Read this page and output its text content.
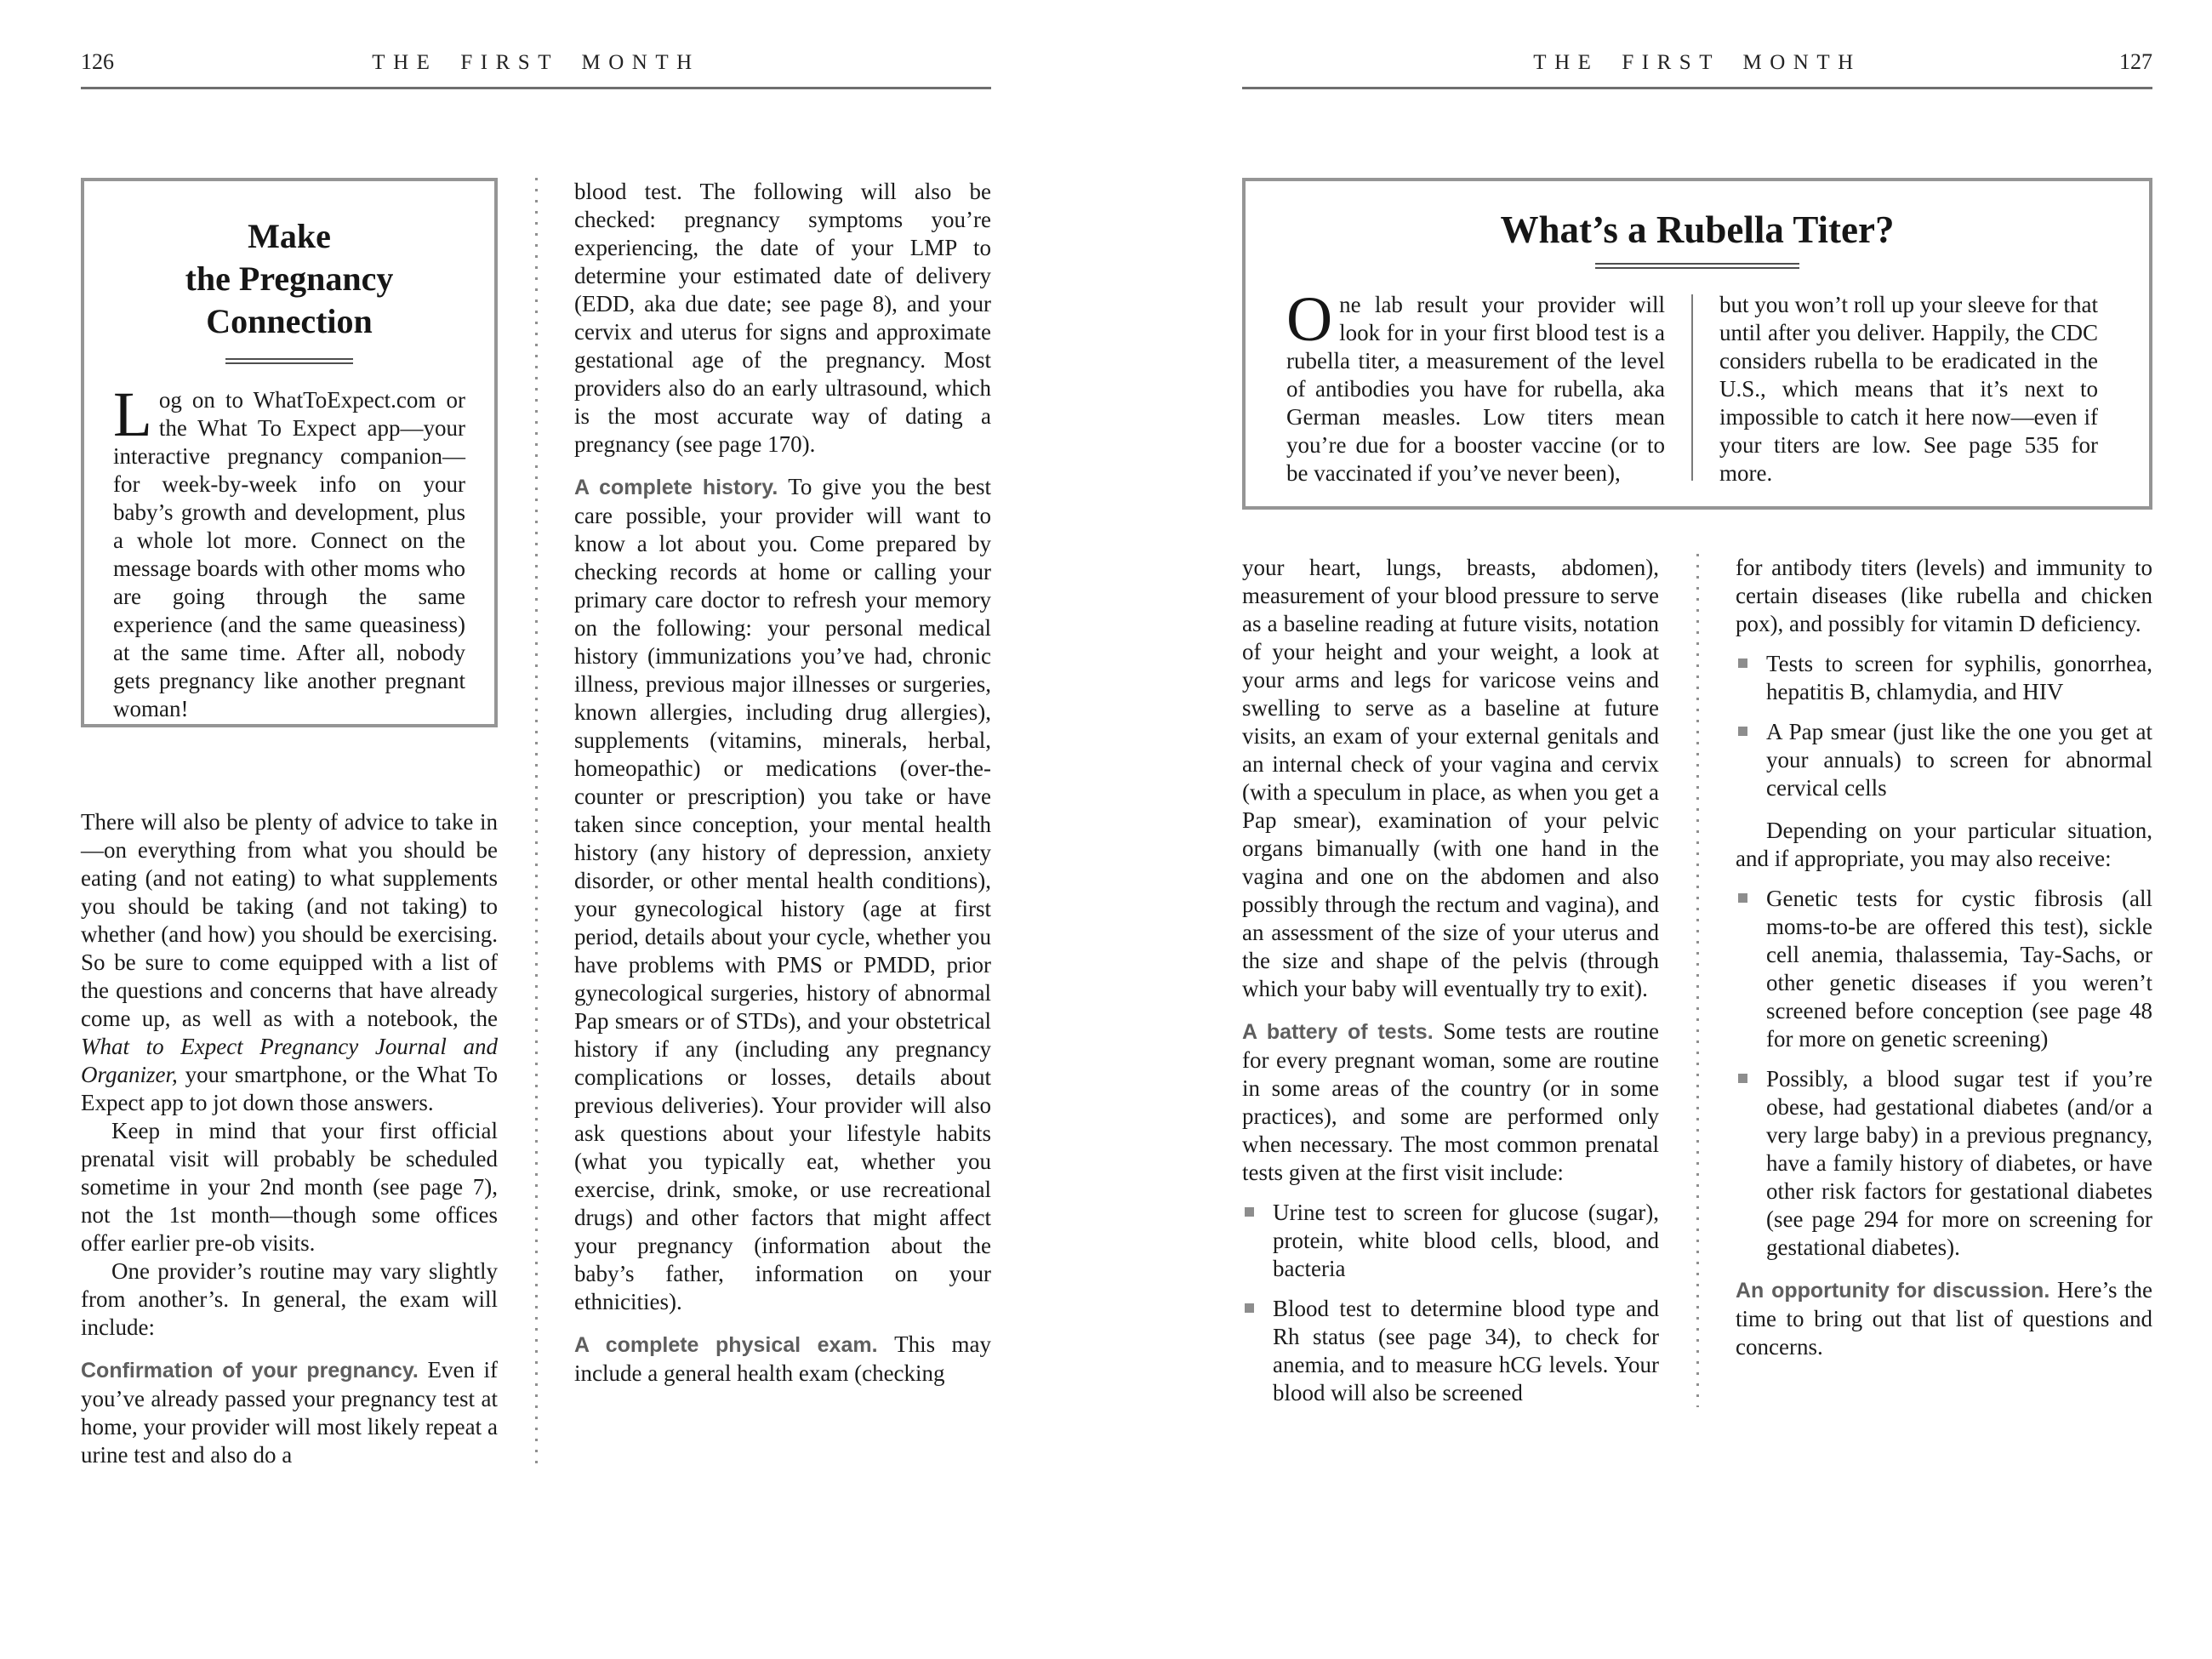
126	THE FIRST MONTH
Make
the Pregnancy
Connection

Log on to WhatToExpect.com or the What To Expect app—your interactive pregnancy companion—for week-by-week info on your baby’s growth and development, plus a whole lot more. Connect on the message boards with other moms who are going through the same experience (and the same queasiness) at the same time. After all, nobody gets pregnancy like another pregnant woman!

There will also be plenty of advice to take in—on everything from what you should be eating (and not eating) to what supplements you should be taking (and not taking) to whether (and how) you should be exercising. So be sure to come equipped with a list of the questions and concerns that have already come up, as well as with a notebook, the What to Expect Pregnancy Journal and Organizer, your smartphone, or the What To Expect app to jot down those answers.

Keep in mind that your first official prenatal visit will probably be scheduled sometime in your 2nd month (see page 7), not the 1st month—though some offices offer earlier pre-ob visits.

One provider’s routine may vary slightly from another’s. In general, the exam will include:

Confirmation of your pregnancy. Even if you’ve already passed your pregnancy test at home, your provider will most likely repeat a urine test and also do a

blood test. The following will also be checked: pregnancy symptoms you’re experiencing, the date of your LMP to determine your estimated date of delivery (EDD, aka due date; see page 8), and your cervix and uterus for signs and approximate gestational age of the pregnancy. Most providers also do an early ultrasound, which is the most accurate way of dating a pregnancy (see page 170).

A complete history. To give you the best care possible, your provider will want to know a lot about you. Come prepared by checking records at home or calling your primary care doctor to refresh your memory on the following: your personal medical history (immunizations you’ve had, chronic illness, previous major illnesses or surgeries, known allergies, including drug allergies), supplements (vitamins, minerals, herbal, homeopathic) or medications (over-the-counter or prescription) you take or have taken since conception, your mental health history (any history of depression, anxiety disorder, or other mental health conditions), your gynecological history (age at first period, details about your cycle, whether you have problems with PMS or PMDD, prior gynecological surgeries, history of abnormal Pap smears or of STDs), and your obstetrical history if any (including any pregnancy complications or losses, details about previous deliveries). Your provider will also ask questions about your lifestyle habits (what you typically eat, whether you exercise, drink, smoke, or use recreational drugs) and other factors that might affect your pregnancy (information about the baby’s father, information on your ethnicities).

A complete physical exam. This may include a general health exam (checking

THE FIRST MONTH	127
What’s a Rubella Titer?

One lab result your provider will look for in your first blood test is a rubella titer, a measurement of the level of antibodies you have for rubella, aka German measles. Low titers mean you’re due for a booster vaccine (or to be vaccinated if you’ve never been),

but you won’t roll up your sleeve for that until after you deliver. Happily, the CDC considers rubella to be eradicated in the U.S., which means that it’s next to impossible to catch it here now—even if your titers are low. See page 535 for more.

your heart, lungs, breasts, abdomen), measurement of your blood pressure to serve as a baseline reading at future visits, notation of your height and your weight, a look at your arms and legs for varicose veins and swelling to serve as a baseline at future visits, an exam of your external genitals and an internal check of your vagina and cervix (with a speculum in place, as when you get a Pap smear), examination of your pelvic organs bimanually (with one hand in the vagina and one on the abdomen and also possibly through the rectum and vagina), and an assessment of the size of your uterus and the size and shape of the pelvis (through which your baby will eventually try to exit).

A battery of tests. Some tests are routine for every pregnant woman, some are routine in some areas of the country (or in some practices), and some are performed only when necessary. The most common prenatal tests given at the first visit include:

Urine test to screen for glucose (sugar), protein, white blood cells, blood, and bacteria

Blood test to determine blood type and Rh status (see page 34), to check for anemia, and to measure hCG levels. Your blood will also be screened

for antibody titers (levels) and immunity to certain diseases (like rubella and chicken pox), and possibly for vitamin D deficiency.

Tests to screen for syphilis, gonorrhea, hepatitis B, chlamydia, and HIV

A Pap smear (just like the one you get at your annuals) to screen for abnormal cervical cells

Depending on your particular situation, and if appropriate, you may also receive:

Genetic tests for cystic fibrosis (all moms-to-be are offered this test), sickle cell anemia, thalassemia, Tay-Sachs, or other genetic diseases if you weren’t screened before conception (see page 48 for more on genetic screening)

Possibly, a blood sugar test if you’re obese, had gestational diabetes (and/or a very large baby) in a previous pregnancy, have a family history of diabetes, or have other risk factors for gestational diabetes (see page 294 for more on screening for gestational diabetes).

An opportunity for discussion. Here’s the time to bring out that list of questions and concerns.
